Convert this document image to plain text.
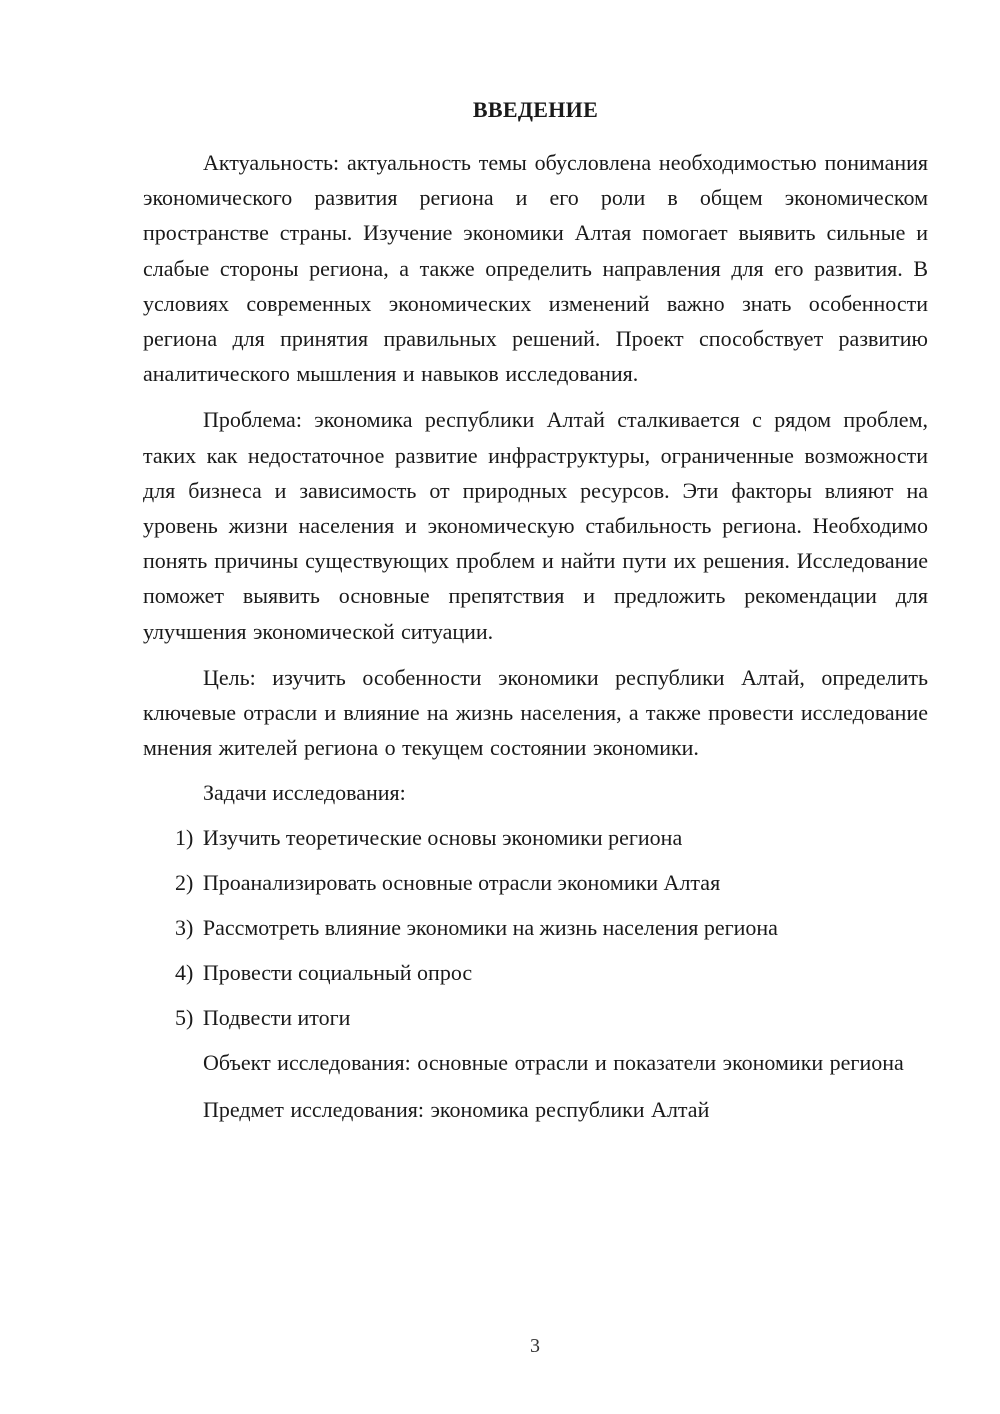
ВВЕДЕНИЕ

Актуальность: актуальность темы обусловлена необходимостью понимания экономического развития региона и его роли в общем экономическом пространстве страны. Изучение экономики Алтая помогает выявить сильные и слабые стороны региона, а также определить направления для его развития. В условиях современных экономических изменений важно знать особенности региона для принятия правильных решений. Проект способствует развитию аналитического мышления и навыков исследования.

Проблема: экономика республики Алтай сталкивается с рядом проблем, таких как недостаточное развитие инфраструктуры, ограниченные возможности для бизнеса и зависимость от природных ресурсов. Эти факторы влияют на уровень жизни населения и экономическую стабильность региона. Необходимо понять причины существующих проблем и найти пути их решения. Исследование поможет выявить основные препятствия и предложить рекомендации для улучшения экономической ситуации.

Цель: изучить особенности экономики республики Алтай, определить ключевые отрасли и влияние на жизнь населения, а также провести исследование мнения жителей региона о текущем состоянии экономики.

Задачи исследования:
1) Изучить теоретические основы экономики региона
2) Проанализировать основные отрасли экономики Алтая
3) Рассмотреть влияние экономики на жизнь населения региона
4) Провести социальный опрос
5) Подвести итоги

Объект исследования: основные отрасли и показатели экономики региона

Предмет исследования: экономика республики Алтай

3
